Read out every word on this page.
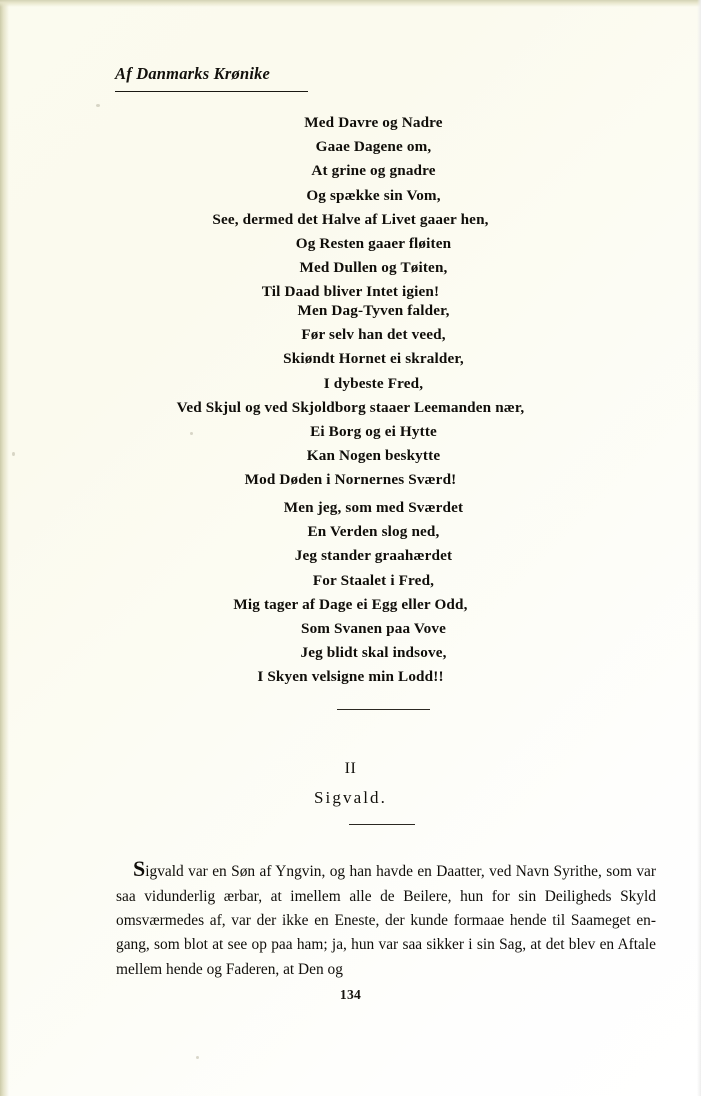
Af Danmarks Krønike
Med Davre og Nadre
Gaae Dagene om,
At grine og gnadre
Og spække sin Vom,
See, dermed det Halve af Livet gaaer hen,
Og Resten gaaer fløiten
Med Dullen og Tøiten,
Til Daad bliver Intet igien!
Men Dag-Tyven falder,
Før selv han det veed,
Skiøndt Hornet ei skralder,
I dybeste Fred,
Ved Skjul og ved Skjoldborg staaer Leemanden nær,
Ei Borg og ei Hytte
Kan Nogen beskytte
Mod Døden i Nornernes Sværd!
Men jeg, som med Sværdet
En Verden slog ned,
Jeg stander graahærdet
For Staalet i Fred,
Mig tager af Dage ei Egg eller Odd,
Som Svanen paa Vove
Jeg blidt skal indsove,
I Skyen velsigne min Lodd!!
II
Sigvald.

Sigvald var en Søn af Yngvin, og han havde en Daatter, ved Navn Syrithe, som var saa vidunderlig ærbar, at imellem alle de Beilere, hun for sin Deiligheds Skyld omsværmedes af, var der ikke en Eneste, der kunde formaae hende til Saameget en-gang, som blot at see op paa ham; ja, hun var saa sikker i sin Sag, at det blev en Aftale mellem hende og Faderen, at Den og

134
